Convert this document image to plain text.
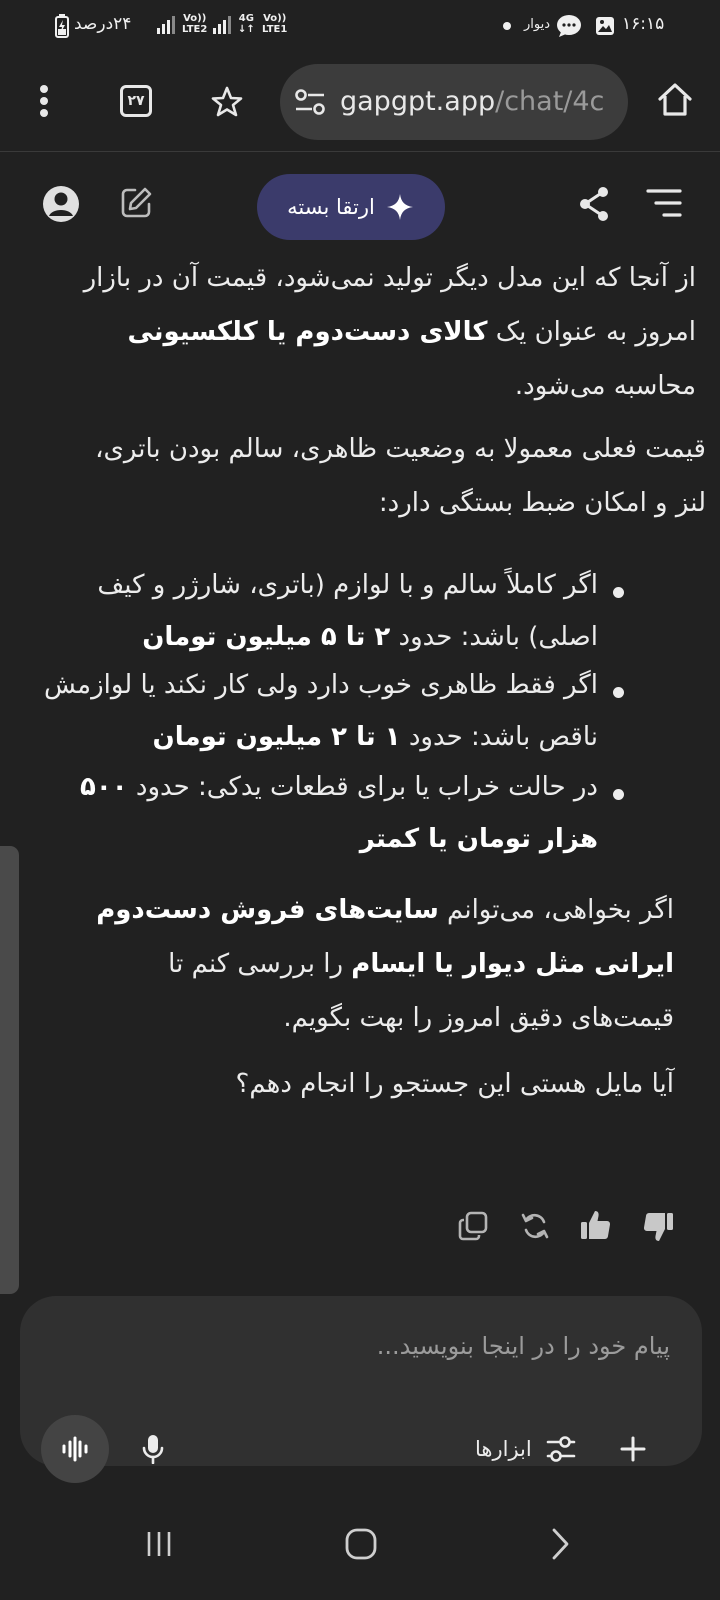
۱۶:۱۵
دیوار
Vo))
LTE1
4G
↓↑
Vo))
LTE2
۲۴درصد
۲۷	gapgpt.app/chat/4c
ارتقا بسته

از آنجا که این مدل دیگر تولید نمی‌شود، قیمت آن در بازار امروز به عنوان یک کالای دست‌دوم یا کلکسیونی محاسبه می‌شود.

قیمت فعلی معمولا به وضعیت ظاهری، سالم بودن باتری، لنز و امکان ضبط بستگی دارد:

اگر کاملاً سالم و با لوازم (باتری، شارژر و کیف اصلی) باشد: حدود ۲ تا ۵ میلیون تومان

اگر فقط ظاهری خوب دارد ولی کار نکند یا لوازمش ناقص باشد: حدود ۱ تا ۲ میلیون تومان

در حالت خراب یا برای قطعات یدکی: حدود ۵۰۰ هزار تومان یا کمتر

اگر بخواهی، می‌توانم سایت‌های فروش دست‌دوم ایرانی مثل دیوار یا ایسام را بررسی کنم تا قیمت‌های دقیق امروز را بهت بگویم.

آیا مایل هستی این جستجو را انجام دهم؟

پیام خود را در اینجا بنویسید...
ابزارها
